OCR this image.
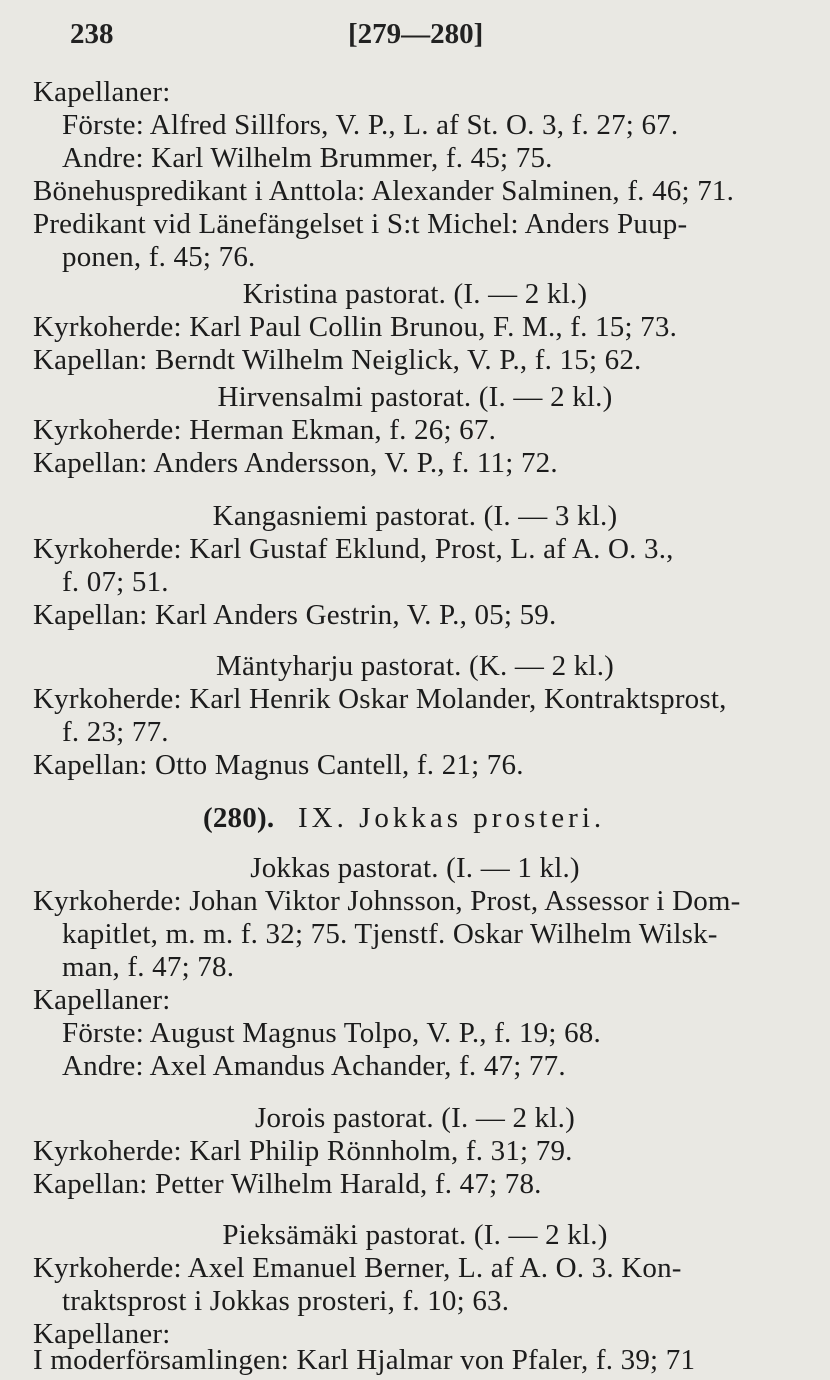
238	[279—280]
Kapellaner:
Förste: Alfred Sillfors, V. P., L. af St. O. 3, f. 27; 67.
Andre: Karl Wilhelm Brummer, f. 45; 75.
Bönehuspredikant i Anttola: Alexander Salminen, f. 46; 71.
Predikant vid Länefängelset i S:t Michel: Anders Puup-
ponen, f. 45; 76.
Kristina pastorat. (I. — 2 kl.)
Kyrkoherde: Karl Paul Collin Brunou, F. M., f. 15; 73.
Kapellan: Berndt Wilhelm Neiglick, V. P., f. 15; 62.
Hirvensalmi pastorat. (I. — 2 kl.)
Kyrkoherde: Herman Ekman, f. 26; 67.
Kapellan: Anders Andersson, V. P., f. 11; 72.
Kangasniemi pastorat. (I. — 3 kl.)
Kyrkoherde: Karl Gustaf Eklund, Prost, L. af A. O. 3.,
f. 07; 51.
Kapellan: Karl Anders Gestrin, V. P., 05; 59.
Mäntyharju pastorat. (K. — 2 kl.)
Kyrkoherde: Karl Henrik Oskar Molander, Kontraktsprost,
f. 23; 77.
Kapellan: Otto Magnus Cantell, f. 21; 76.
(280). IX. Jokkas prosteri.
Jokkas pastorat. (I. — 1 kl.)
Kyrkoherde: Johan Viktor Johnsson, Prost, Assessor i Dom-
kapitlet, m. m. f. 32; 75. Tjenstf. Oskar Wilhelm Wilsk-
man, f. 47; 78.
Kapellaner:
Förste: August Magnus Tolpo, V. P., f. 19; 68.
Andre: Axel Amandus Achander, f. 47; 77.
Jorois pastorat. (I. — 2 kl.)
Kyrkoherde: Karl Philip Rönnholm, f. 31; 79.
Kapellan: Petter Wilhelm Harald, f. 47; 78.
Pieksämäki pastorat. (I. — 2 kl.)
Kyrkoherde: Axel Emanuel Berner, L. af A. O. 3. Kon-
traktsprost i Jokkas prosteri, f. 10; 63.
Kapellaner:
I moderförsamlingen: Karl Hjalmar von Pfaler, f. 39; 71
